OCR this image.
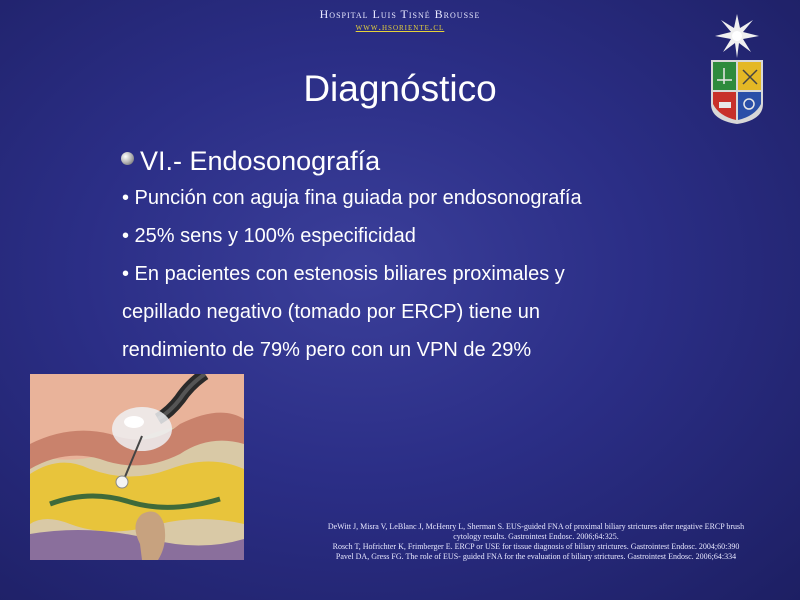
Hospital Luis Tisné Brousse
www.hsoriente.cl
Diagnóstico
VI.- Endosonografía
• Punción con aguja fina guiada por endosonografía
• 25% sens y 100% especificidad
• En pacientes con estenosis biliares proximales y
cepillado negativo (tomado por ERCP) tiene un
rendimiento de 79% pero con un VPN de 29%
DeWitt J, Misra V, LeBlanc J, McHenry L, Sherman S. EUS-guided FNA of proximal biliary strictures after negative ERCP brush
cytology results. Gastrointest Endosc. 2006;64:325.
Rosch T, Hofrichter K, Frimberger E. ERCP or USE for tissue diagnosis of biliary strictures. Gastrointest Endosc. 2004;60:390
Pavel DA, Gress FG. The role of EUS- guided FNA for the evaluation of biliary strictures. Gastrointest Endosc. 2006;64:334
